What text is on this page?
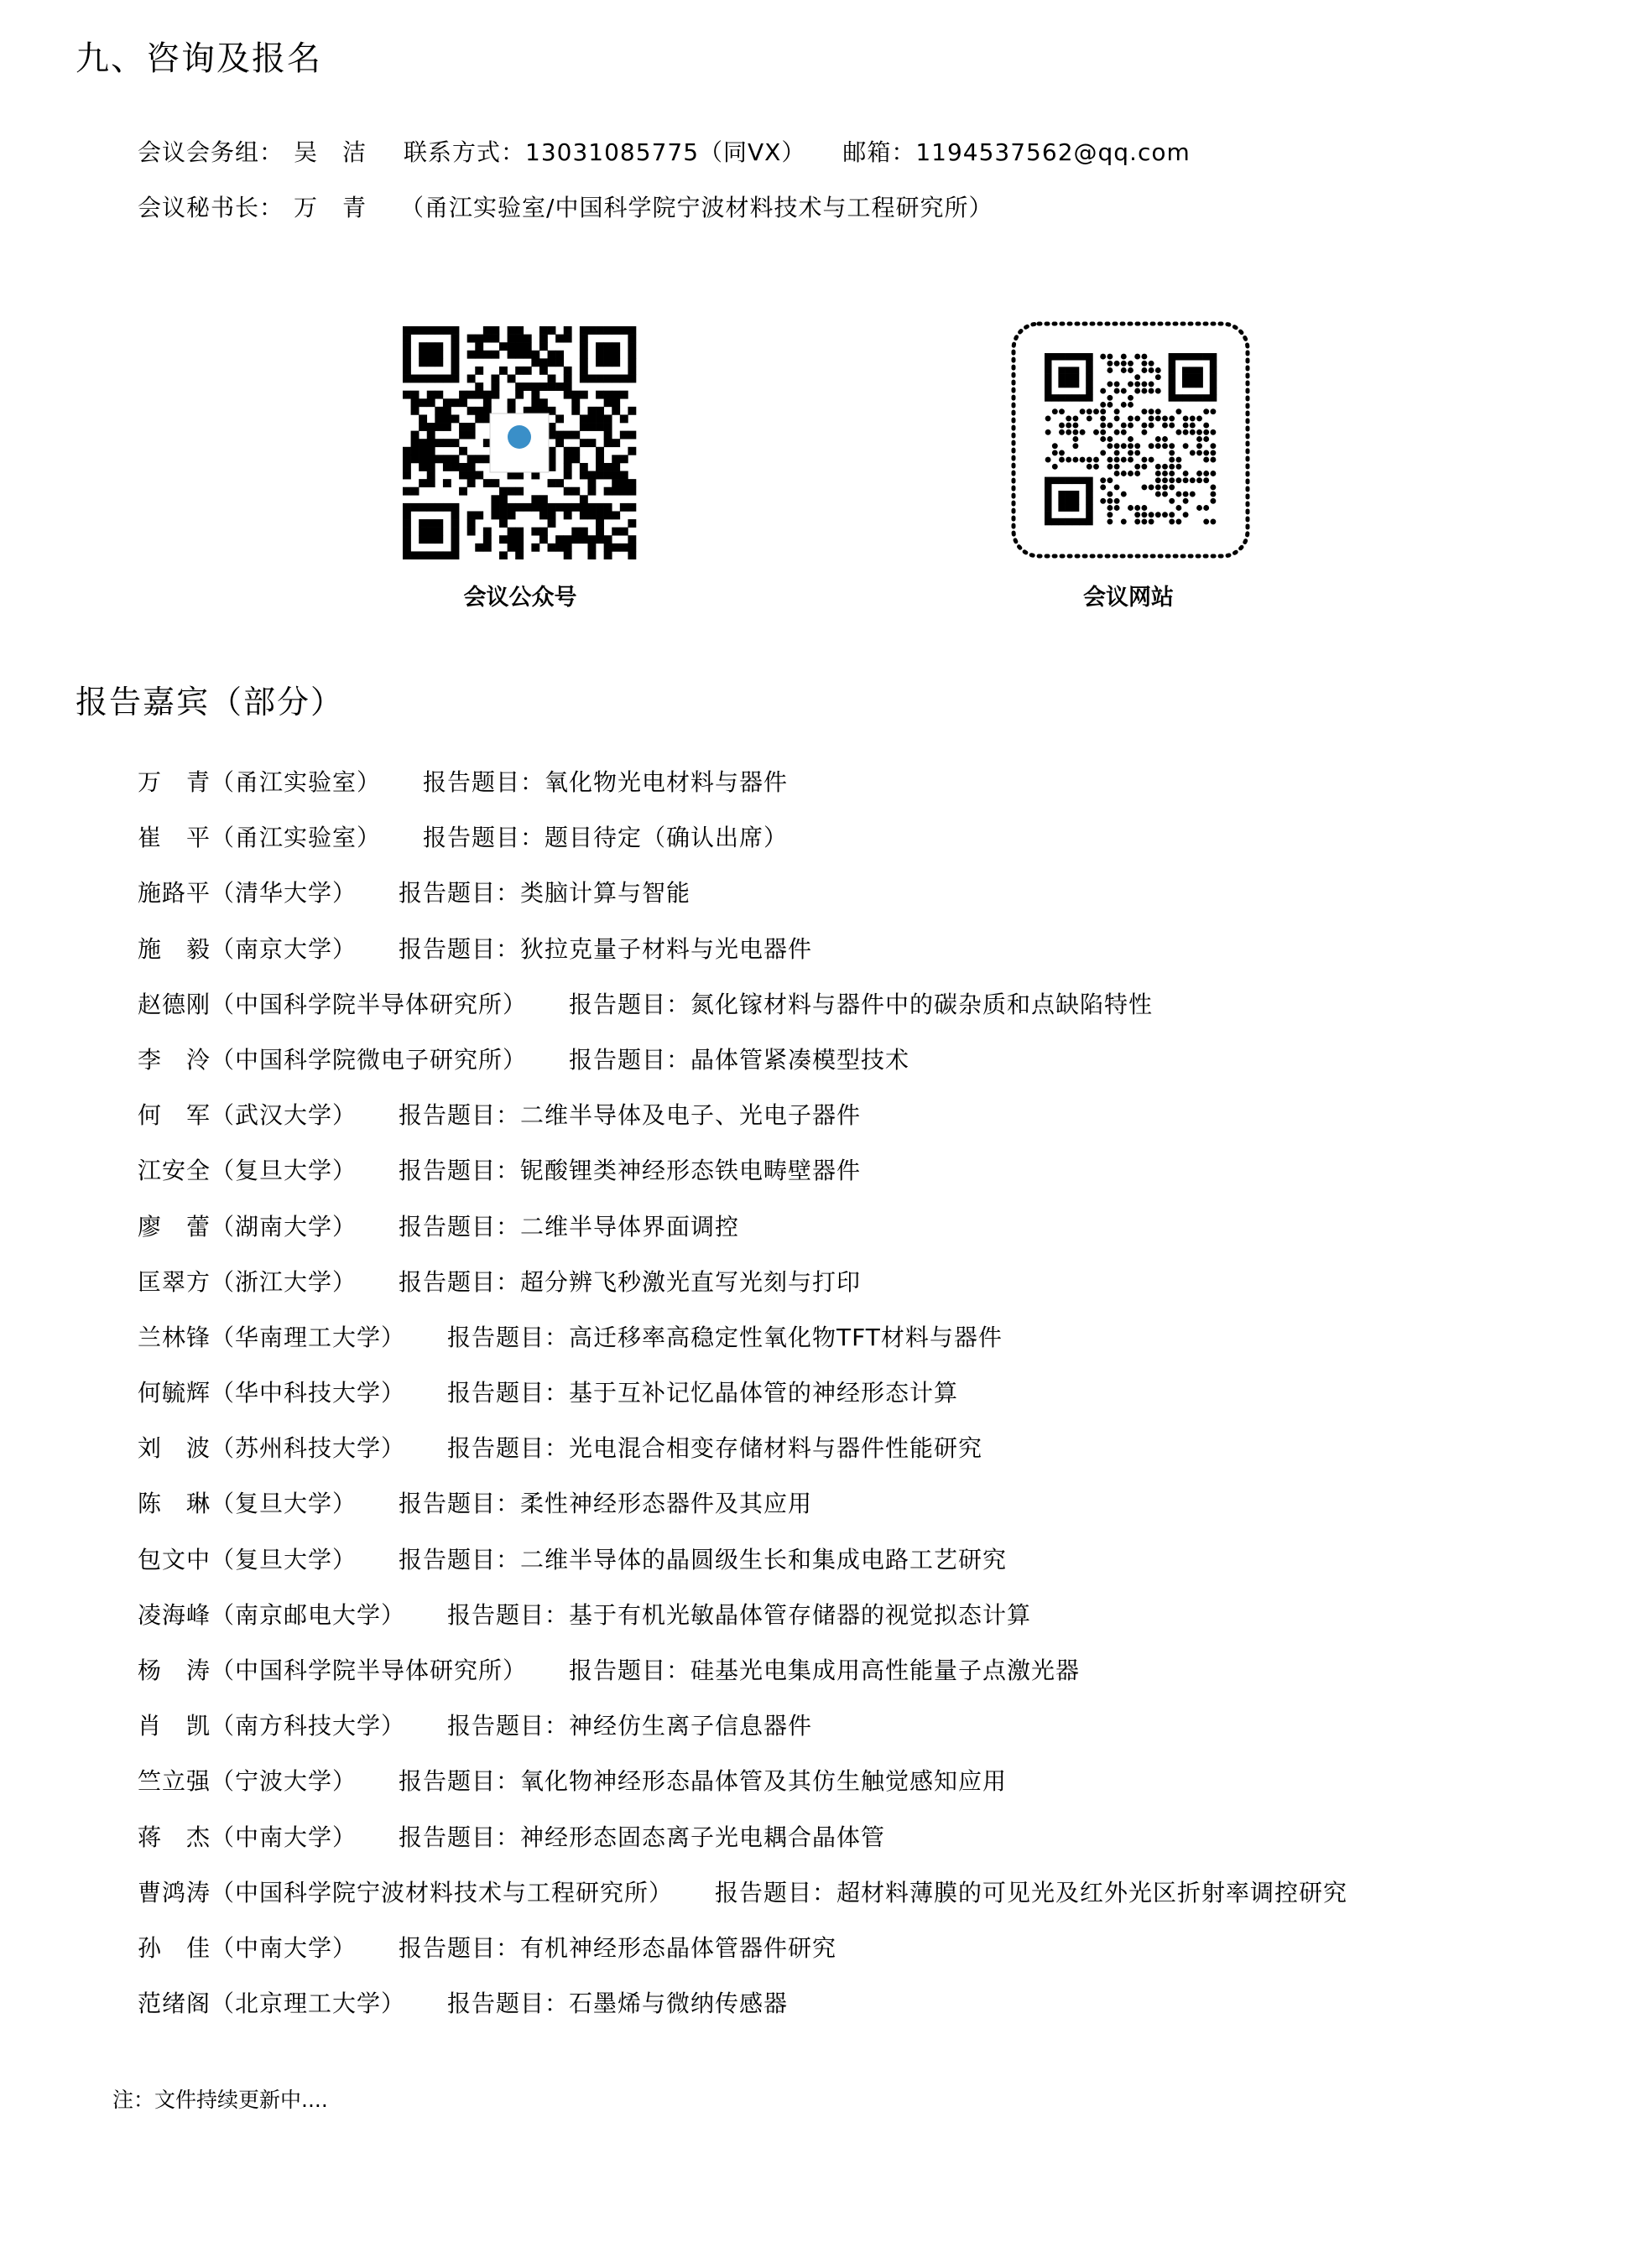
九、咨询及报名
会议会务组： 吴　洁 联系方式：13031085775（同VX） 邮箱：1194537562@qq.com
会议秘书长： 万　青 （甬江实验室/中国科学院宁波材料技术与工程研究所）
会议公众号	会议网站
报告嘉宾（部分）
万　青（甬江实验室） 报告题目：氧化物光电材料与器件
崔　平（甬江实验室） 报告题目：题目待定（确认出席）
施路平（清华大学） 报告题目：类脑计算与智能
施　毅（南京大学） 报告题目：狄拉克量子材料与光电器件
赵德刚（中国科学院半导体研究所） 报告题目：氮化镓材料与器件中的碳杂质和点缺陷特性
李　泠（中国科学院微电子研究所） 报告题目：晶体管紧凑模型技术
何　军（武汉大学） 报告题目：二维半导体及电子、光电子器件
江安全（复旦大学） 报告题目：铌酸锂类神经形态铁电畴壁器件
廖　蕾（湖南大学） 报告题目：二维半导体界面调控
匡翠方（浙江大学） 报告题目：超分辨飞秒激光直写光刻与打印
兰林锋（华南理工大学） 报告题目：高迁移率高稳定性氧化物TFT材料与器件
何毓辉（华中科技大学） 报告题目：基于互补记忆晶体管的神经形态计算
刘　波（苏州科技大学） 报告题目：光电混合相变存储材料与器件性能研究
陈　琳（复旦大学） 报告题目：柔性神经形态器件及其应用
包文中（复旦大学） 报告题目：二维半导体的晶圆级生长和集成电路工艺研究
凌海峰（南京邮电大学） 报告题目：基于有机光敏晶体管存储器的视觉拟态计算
杨　涛（中国科学院半导体研究所） 报告题目：硅基光电集成用高性能量子点激光器
肖　凯（南方科技大学） 报告题目：神经仿生离子信息器件
竺立强（宁波大学） 报告题目：氧化物神经形态晶体管及其仿生触觉感知应用
蒋　杰（中南大学） 报告题目：神经形态固态离子光电耦合晶体管
曹鸿涛（中国科学院宁波材料技术与工程研究所） 报告题目：超材料薄膜的可见光及红外光区折射率调控研究
孙　佳（中南大学） 报告题目：有机神经形态晶体管器件研究
范绪阁（北京理工大学） 报告题目：石墨烯与微纳传感器
注：文件持续更新中....
